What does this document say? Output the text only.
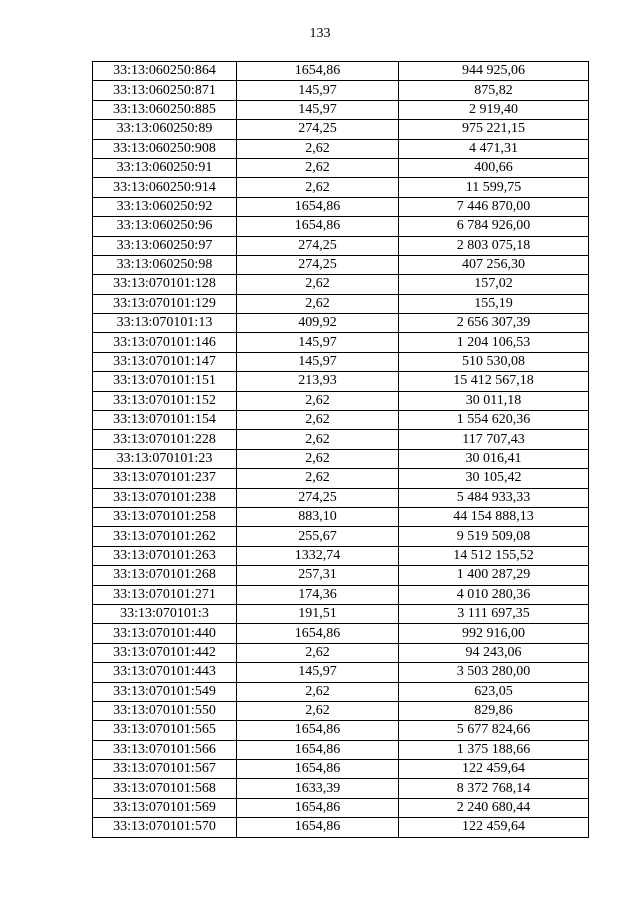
133
33:13:060250:864	1654,86	944 925,06
33:13:060250:871	145,97	875,82
33:13:060250:885	145,97	2 919,40
33:13:060250:89	274,25	975 221,15
33:13:060250:908	2,62	4 471,31
33:13:060250:91	2,62	400,66
33:13:060250:914	2,62	11 599,75
33:13:060250:92	1654,86	7 446 870,00
33:13:060250:96	1654,86	6 784 926,00
33:13:060250:97	274,25	2 803 075,18
33:13:060250:98	274,25	407 256,30
33:13:070101:128	2,62	157,02
33:13:070101:129	2,62	155,19
33:13:070101:13	409,92	2 656 307,39
33:13:070101:146	145,97	1 204 106,53
33:13:070101:147	145,97	510 530,08
33:13:070101:151	213,93	15 412 567,18
33:13:070101:152	2,62	30 011,18
33:13:070101:154	2,62	1 554 620,36
33:13:070101:228	2,62	117 707,43
33:13:070101:23	2,62	30 016,41
33:13:070101:237	2,62	30 105,42
33:13:070101:238	274,25	5 484 933,33
33:13:070101:258	883,10	44 154 888,13
33:13:070101:262	255,67	9 519 509,08
33:13:070101:263	1332,74	14 512 155,52
33:13:070101:268	257,31	1 400 287,29
33:13:070101:271	174,36	4 010 280,36
33:13:070101:3	191,51	3 111 697,35
33:13:070101:440	1654,86	992 916,00
33:13:070101:442	2,62	94 243,06
33:13:070101:443	145,97	3 503 280,00
33:13:070101:549	2,62	623,05
33:13:070101:550	2,62	829,86
33:13:070101:565	1654,86	5 677 824,66
33:13:070101:566	1654,86	1 375 188,66
33:13:070101:567	1654,86	122 459,64
33:13:070101:568	1633,39	8 372 768,14
33:13:070101:569	1654,86	2 240 680,44
33:13:070101:570	1654,86	122 459,64
